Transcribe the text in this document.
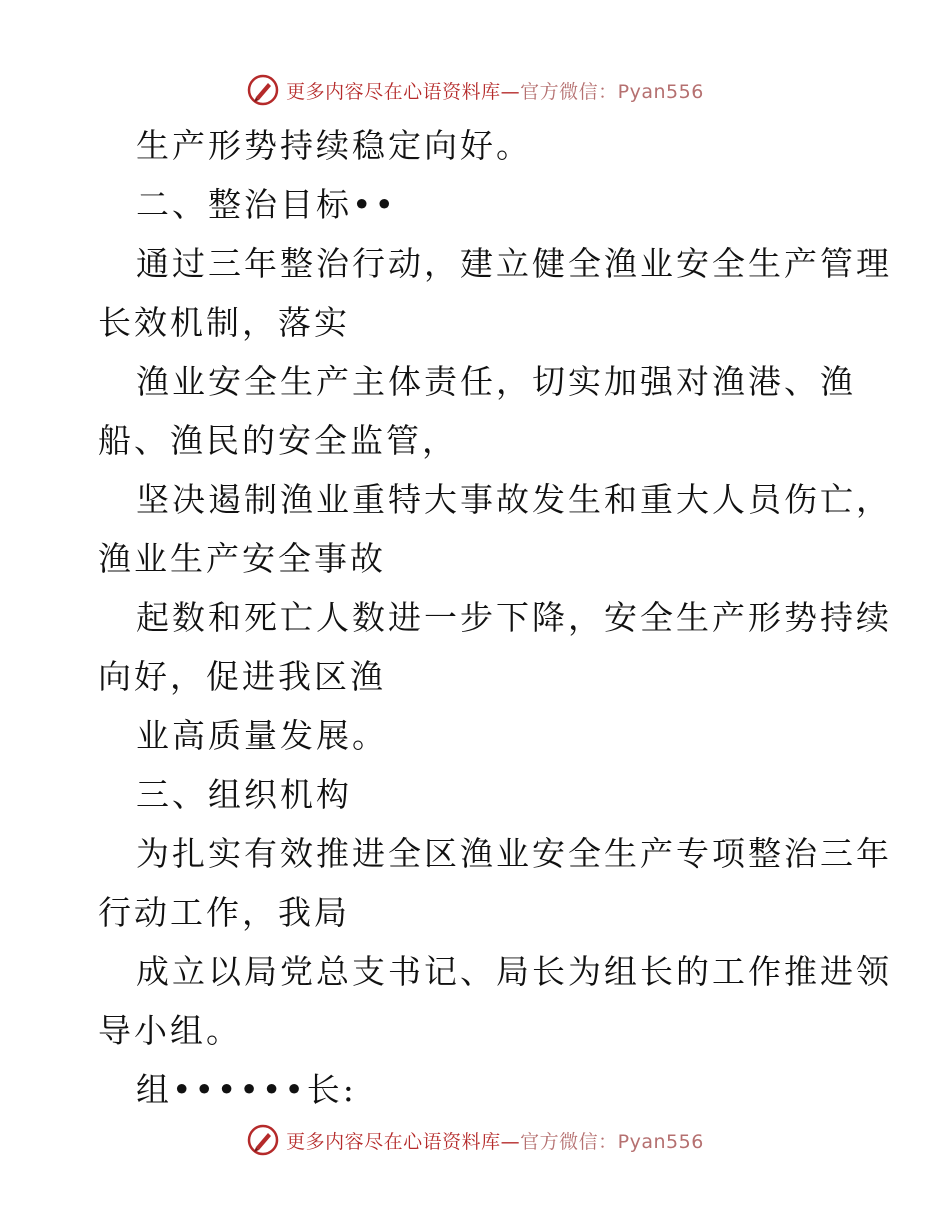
更多内容尽在心语资料库—官方微信：Pyan556
生产形势持续稳定向好。
二、整治目标••
通过三年整治行动，建立健全渔业安全生产管理
长效机制，落实
渔业安全生产主体责任，切实加强对渔港、渔
船、渔民的安全监管，
坚决遏制渔业重特大事故发生和重大人员伤亡，
渔业生产安全事故
起数和死亡人数进一步下降，安全生产形势持续
向好，促进我区渔
业高质量发展。
三、组织机构
为扎实有效推进全区渔业安全生产专项整治三年
行动工作，我局
成立以局党总支书记、局长为组长的工作推进领
导小组。
组••••••长:
更多内容尽在心语资料库—官方微信：Pyan556
